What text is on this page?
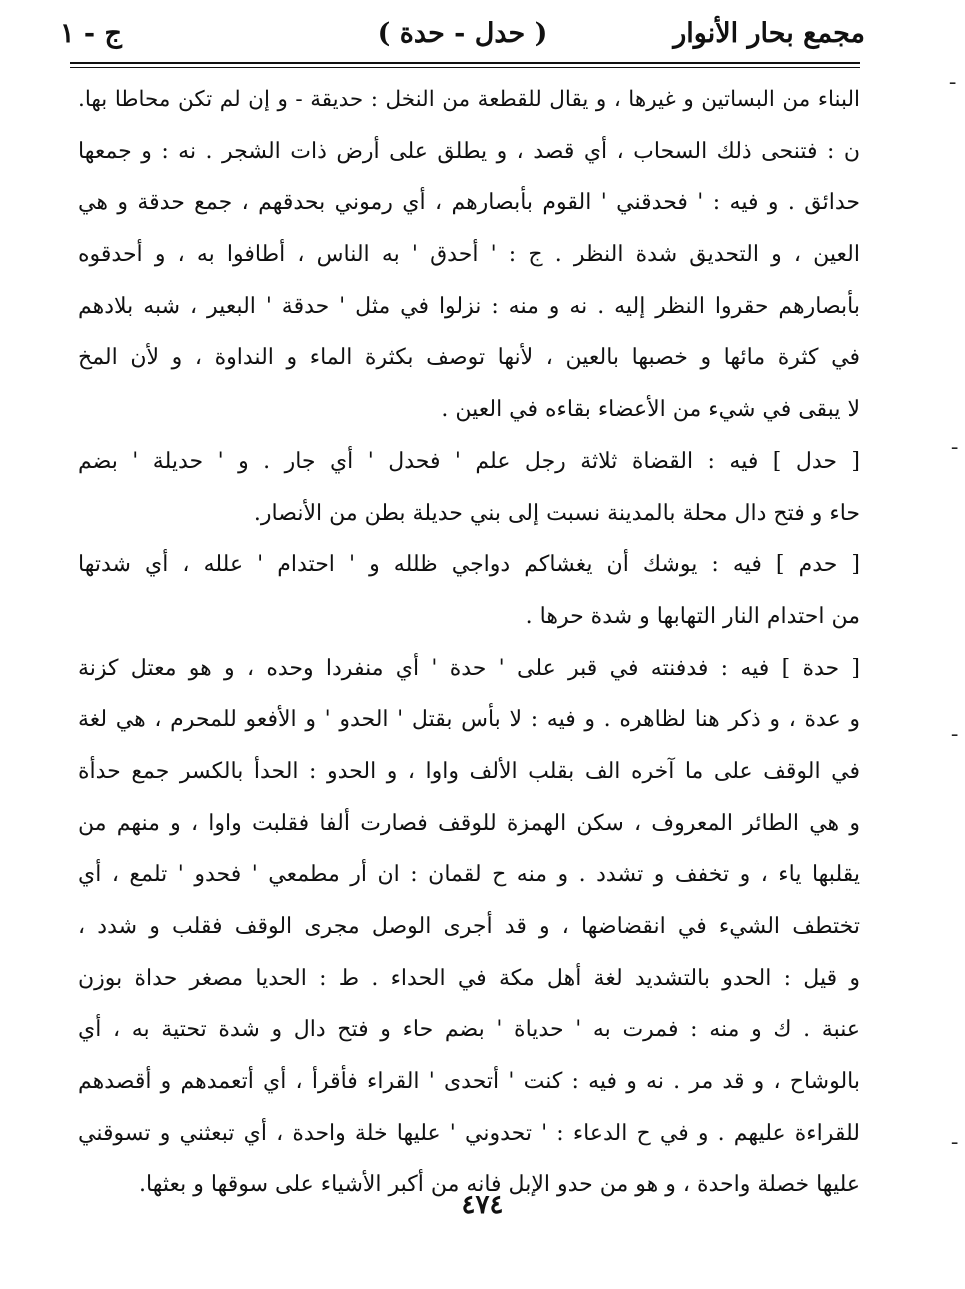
مجمع بحار الأنوار
( حدل - حدة )
ج - ١
البناء من البساتين و غيرها ، و يقال للقطعة من النخل : حديقة - و إن لم تكن محاطا بها.
ن : فتنحى ذلك السحاب ، أي قصد ، و يطلق على أرض ذات الشجر . نه : و جمعها
حدائق . و فيه : ' فحدقني ' القوم بأبصارهم ، أي رموني بحدقهم ، جمع حدقة و هي
العين ، و التحديق شدة النظر . ج : ' أحدق ' به الناس ، أطافوا به ، و أحدقوه
بأبصارهم حقروا النظر إليه . نه و منه : نزلوا في مثل ' حدقة ' البعير ، شبه بلادهم
في كثرة مائها و خصبها بالعين ، لأنها توصف بكثرة الماء و النداوة ، و لأن المخ
لا يبقى في شيء من الأعضاء بقاءه في العين .
[ حدل ] فيه : القضاة ثلاثة رجل علم ' فحدل ' أي جار . و ' حديلة ' بضم
حاء و فتح دال محلة بالمدينة نسبت إلى بني حديلة بطن من الأنصار.
[ حدم ] فيه : يوشك أن يغشاكم دواجي ظلله و ' احتدام ' علله ، أي شدتها
من احتدام النار التهابها و شدة حرها .
[ حدة ] فيه : فدفنته في قبر على ' حدة ' أي منفردا وحده ، و هو معتل كزنة
و عدة ، و ذكر هنا لظاهره . و فيه : لا بأس بقتل ' الحدو ' و الأفعو للمحرم ، هي لغة
في الوقف على ما آخره الف بقلب الألف واوا ، و الحدو : الحدأ بالكسر جمع حدأة
و هي الطائر المعروف ، سكن الهمزة للوقف فصارت ألفا فقلبت واوا ، و منهم من
يقلبها ياء ، و تخفف و تشدد . و منه ح لقمان : ان أر مطمعي ' فحدو ' تلمع ، أي
تختطف الشيء في انقضاضها ، و قد أجرى الوصل مجرى الوقف فقلب و شدد ،
و قيل : الحدو بالتشديد لغة أهل مكة في الحداء . ط : الحديا مصغر حداة بوزن
عنبة . ك و منه : فمرت به ' حدياة ' بضم حاء و فتح دال و شدة تحتية به ، أي
بالوشاح ، و قد مر . نه و فيه : كنت ' أتحدى ' القراء فأقرأ ، أي أتعمدهم و أقصدهم
للقراءة عليهم . و في ح الدعاء : ' تحدوني ' عليها خلة واحدة ، أي تبعثني و تسوقني
عليها خصلة واحدة ، و هو من حدو الإبل فانه من أكبر الأشياء على سوقها و بعثها.
٤٧٤
ـ
ـ
ـ
ـ
